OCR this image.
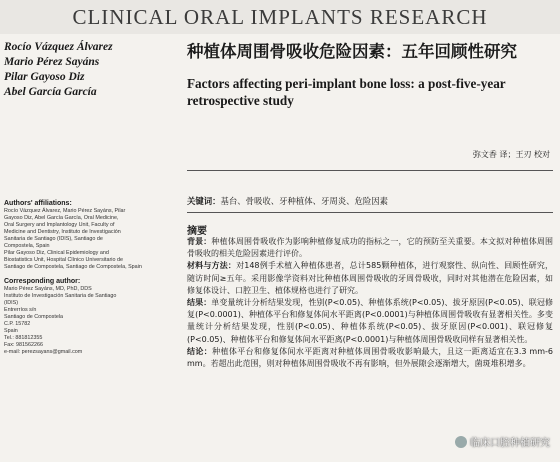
CLINICAL ORAL IMPLANTS RESEARCH
Rocío Vázquez Álvarez
Mario Pérez Sayáns
Pilar Gayoso Diz
Abel García García
Authors' affiliations:
Rocío Vázquez Álvarez, Mario Pérez Sayáns, Pilar
Gayoso Diz, Abel García García, Oral Medicine,
Oral Surgery and Implantology Unit, Faculty of
Medicine and Dentistry, Instituto de Investigación
Sanitaria de Santiago (IDIS), Santiago de
Compostela, Spain
Pilar Gayoso Diz, Clinical Epidemiology and
Biostatistics Unit, Hospital Clínico Universitario de
Santiago de Compostela, Santiago de Compostela, Spain
Corresponding author:
Mario Pérez Sayáns, MD, PhD, DDS
Instituto de Investigación Sanitaria de Santiago
(IDIS)
Entrerríos s/n
Santiago de Compostela
C.P. 15782
Spain
Tel.: 881812355
Fax: 981562266
e-mail: perezsayans@gmail.com
种植体周围骨吸收危险因素：五年回顾性研究
Factors affecting peri-implant bone loss: a post-five-year retrospective study
弥文香 译；王刃 校对
关键词：基台、骨吸收、牙种植体、牙周炎、危险因素
摘要
背景：种植体周围骨吸收作为影响种植修复成功的指标之一，它的预防至关重要。本文拟对种植体周围骨吸收的相关危险因素进行评价。
材料与方法：对148例手术植入种植体患者，总计585颗种植体，进行观察性、纵向性、回顾性研究，随访时间≥五年。采用影像学资料对比种植体周围骨吸收的牙周骨吸收，同时对其他潜在危险因素，如修复体设计、口腔卫生、植体规格也进行了研究。
结果：单变量统计分析结果发现，性别(P<0.05)、种植体系统(P<0.05)、拔牙原因(P<0.05)、联冠修复(P<0.0001)、种植体平台和修复体间水平距离(P<0.0001)与种植体周围骨吸收有显著相关性。多变量统计分析结果发现，性别(P<0.05)、种植体系统(P<0.05)、拔牙原因(P<0.001)、联冠修复(P<0.05)、种植体平台和修复体间水平距离(P<0.0001)与种植体周围骨吸收同样有显著相关性。
结论：种植体平台和修复体间水平距离对种植体周围骨吸收影响最大，且这一距离适宜在3.3 mm-6 mm。若超出此范围，则对种植体周围骨吸收不再有影响，但外展隙会逐渐增大，菌斑堆积增多。
临床口腔种植研究
